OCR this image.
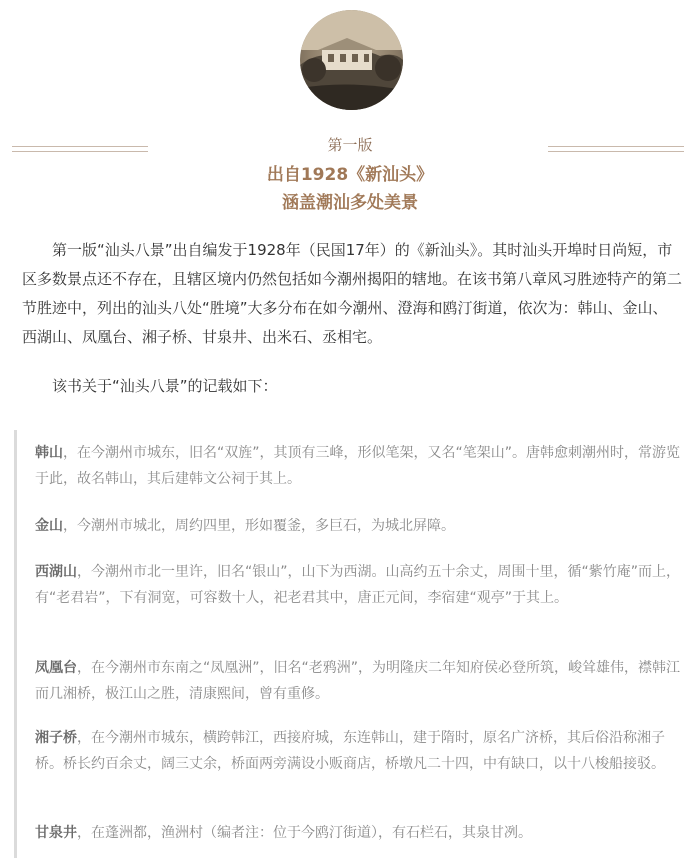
第一版
出自1928《新汕头》
涵盖潮汕多处美景

第一版“汕头八景”出自编发于1928年（民国17年）的《新汕头》。其时汕头开埠时日尚短，市区多数景点还不存在，且辖区境内仍然包括如今潮州揭阳的辖地。在该书第八章风习胜迹特产的第二节胜迹中，列出的汕头八处“胜境”大多分布在如今潮州、澄海和鸥汀街道，依次为：韩山、金山、西湖山、凤凰台、湘子桥、甘泉井、出米石、丞相宅。

该书关于“汕头八景”的记载如下：

韩山，在今潮州市城东，旧名“双旌”，其顶有三峰，形似笔架，又名“笔架山”。唐韩愈刺潮州时，常游览于此，故名韩山，其后建韩文公祠于其上。

金山，今潮州市城北，周约四里，形如覆釜，多巨石，为城北屏障。

西湖山，今潮州市北一里许，旧名“银山”，山下为西湖。山高约五十余丈，周围十里，循“紫竹庵”而上，有“老君岩”，下有洞宽，可容数十人，祀老君其中，唐正元间，李宿建“观亭”于其上。

凤凰台，在今潮州市东南之“凤凰洲”，旧名“老鸦洲”，为明隆庆二年知府侯必登所筑，峻耸雄伟，襟韩江而几湘桥，极江山之胜，清康熙间，曾有重修。

湘子桥，在今潮州市城东，横跨韩江，西接府城，东连韩山，建于隋时，原名广济桥，其后俗沿称湘子桥。桥长约百余丈，阔三丈余，桥面两旁满设小贩商店，桥墩凡二十四，中有缺口，以十八梭船接驳。

甘泉井，在蓬洲都，渔洲村（编者注：位于今鸥汀街道），有石栏石，其泉甘冽。
